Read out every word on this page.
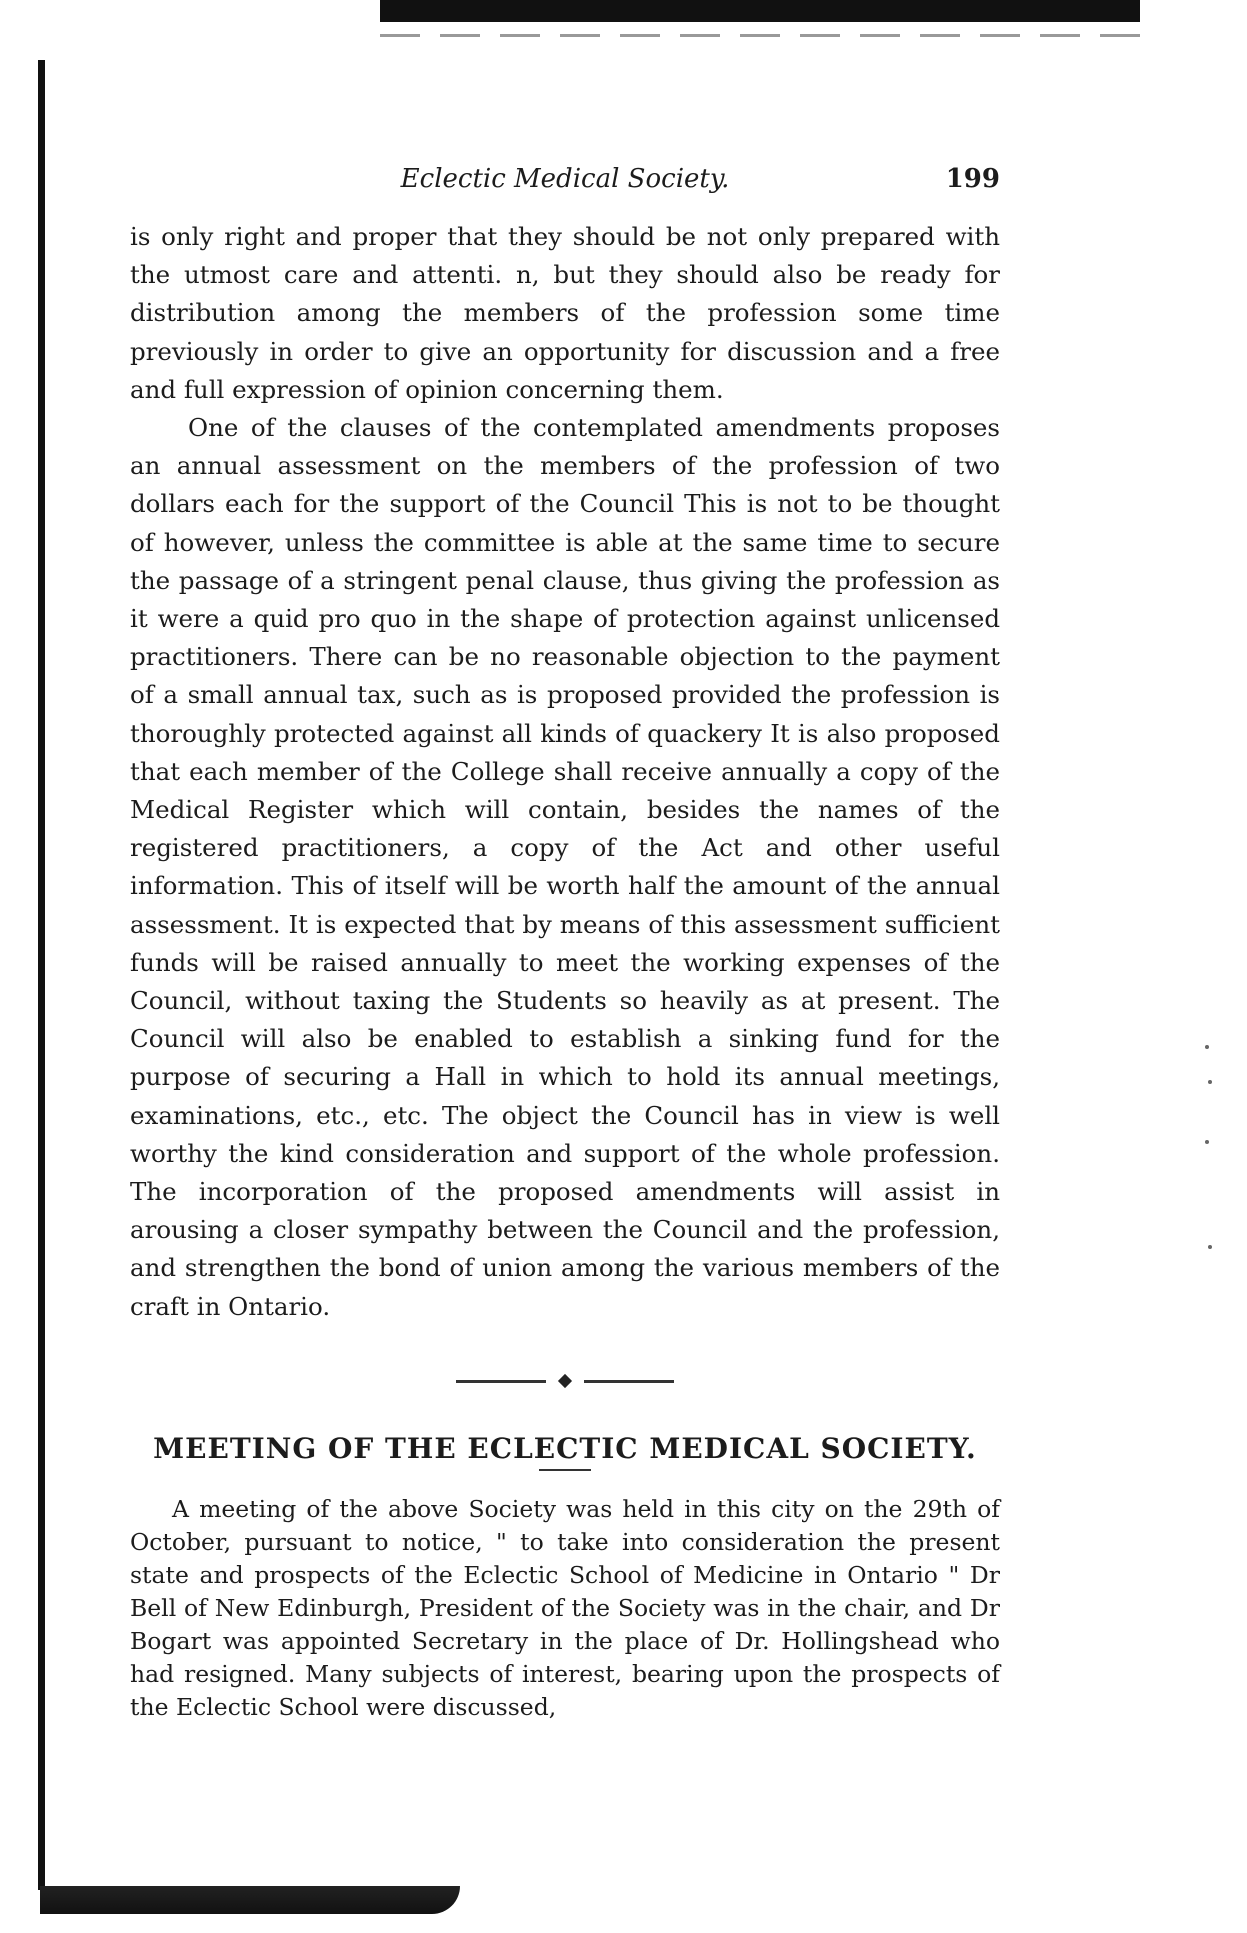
Eclectic Medical Society.	199

is only right and proper that they should be not only prepared with the utmost care and attenti. n, but they should also be ready for distribution among the members of the profession some time previously in order to give an opportunity for discussion and a free and full expression of opinion concerning them.

One of the clauses of the contemplated amendments proposes an annual assessment on the members of the profession of two dollars each for the support of the Council This is not to be thought of however, unless the committee is able at the same time to secure the passage of a stringent penal clause, thus giving the profession as it were a quid pro quo in the shape of protection against unlicensed practitioners. There can be no reasonable objection to the payment of a small annual tax, such as is proposed provided the profession is thoroughly protected against all kinds of quackery It is also proposed that each member of the College shall receive annually a copy of the Medical Register which will contain, besides the names of the registered practitioners, a copy of the Act and other useful information. This of itself will be worth half the amount of the annual assessment. It is expected that by means of this assessment sufficient funds will be raised annually to meet the working expenses of the Council, without taxing the Students so heavily as at present. The Council will also be enabled to establish a sinking fund for the purpose of securing a Hall in which to hold its annual meetings, examinations, etc., etc. The object the Council has in view is well worthy the kind consideration and support of the whole profession. The incorporation of the proposed amendments will assist in arousing a closer sympathy between the Council and the profession, and strengthen the bond of union among the various members of the craft in Ontario.

MEETING OF THE ECLECTIC MEDICAL SOCIETY.

A meeting of the above Society was held in this city on the 29th of October, pursuant to notice, " to take into consideration the present state and prospects of the Eclectic School of Medicine in Ontario " Dr Bell of New Edinburgh, President of the Society was in the chair, and Dr Bogart was appointed Secretary in the place of Dr. Hollingshead who had resigned. Many subjects of interest, bearing upon the prospects of the Eclectic School were discussed,
